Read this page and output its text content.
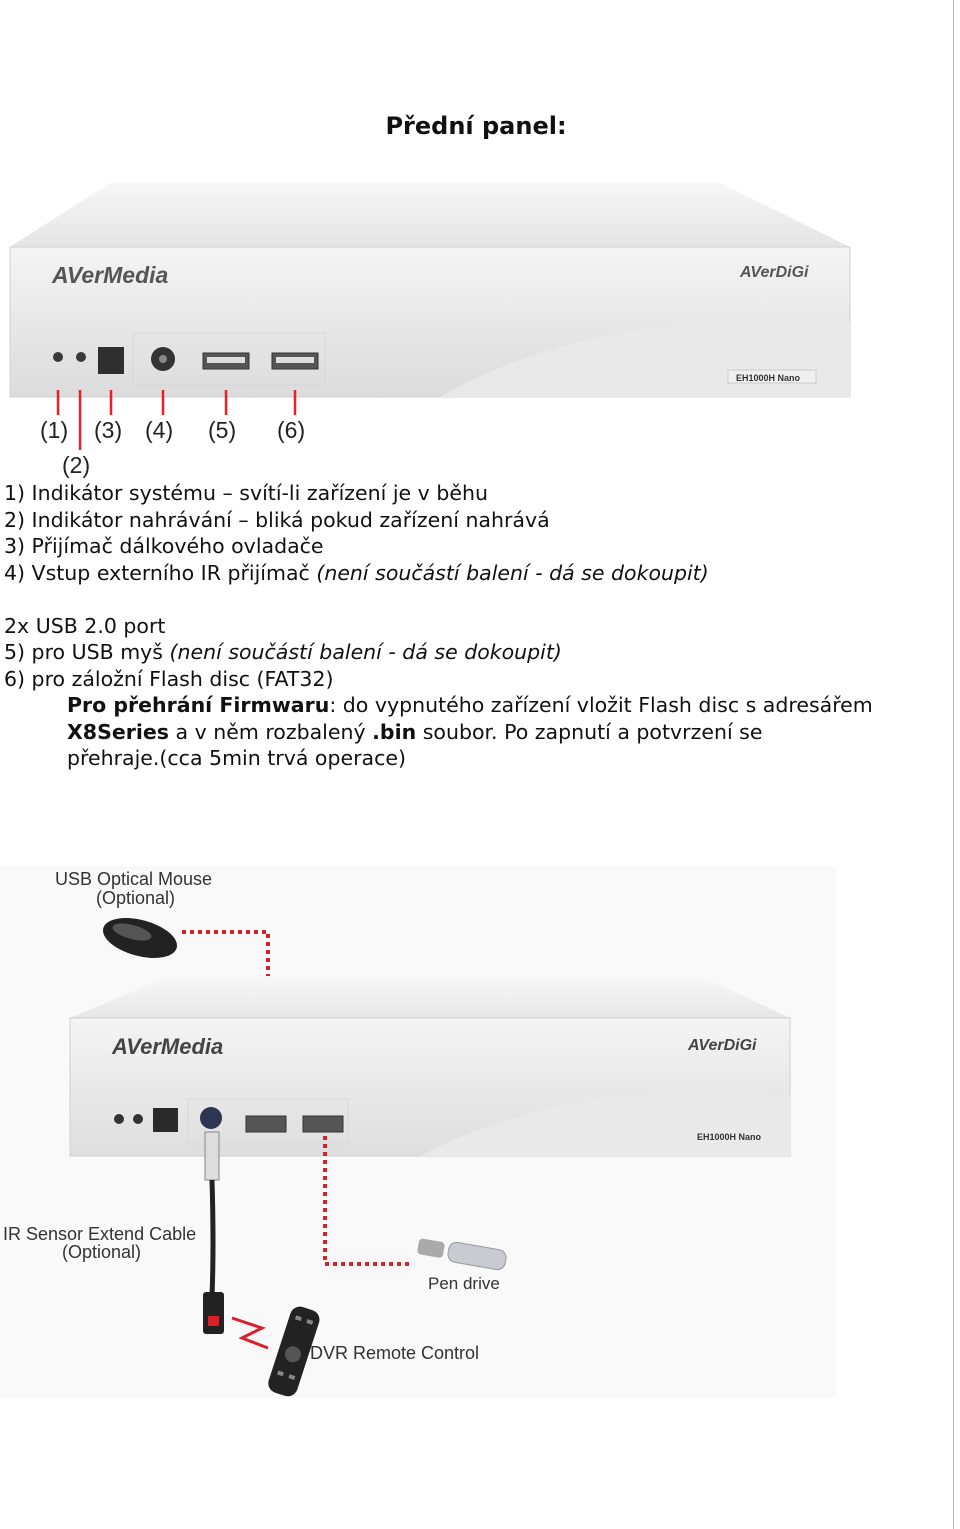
Přední panel:
AVerMedia	AVerDiGi
EH1000H Nano
(1)
(2)
(3) (4) (5) (6)
1) Indikátor systému – svítí-li zařízení je v běhu
2) Indikátor nahrávání – bliká pokud zařízení nahrává
3) Přijímač dálkového ovladače
4) Vstup externího IR přijímač (není součástí balení - dá se dokoupit)
2x USB 2.0 port
5) pro USB myš (není součástí balení - dá se dokoupit)
6) pro záložní Flash disc (FAT32)
Pro přehrání Firmwaru: do vypnutého zařízení vložit Flash disc s adresářem
X8Series a v něm rozbalený .bin soubor. Po zapnutí a potvrzení se
přehraje.(cca 5min trvá operace)
USB Optical Mouse
(Optional)
AVerMedia	AVerDiGi
EH1000H Nano
IR Sensor Extend Cable
(Optional)
Pen drive
DVR Remote Control
